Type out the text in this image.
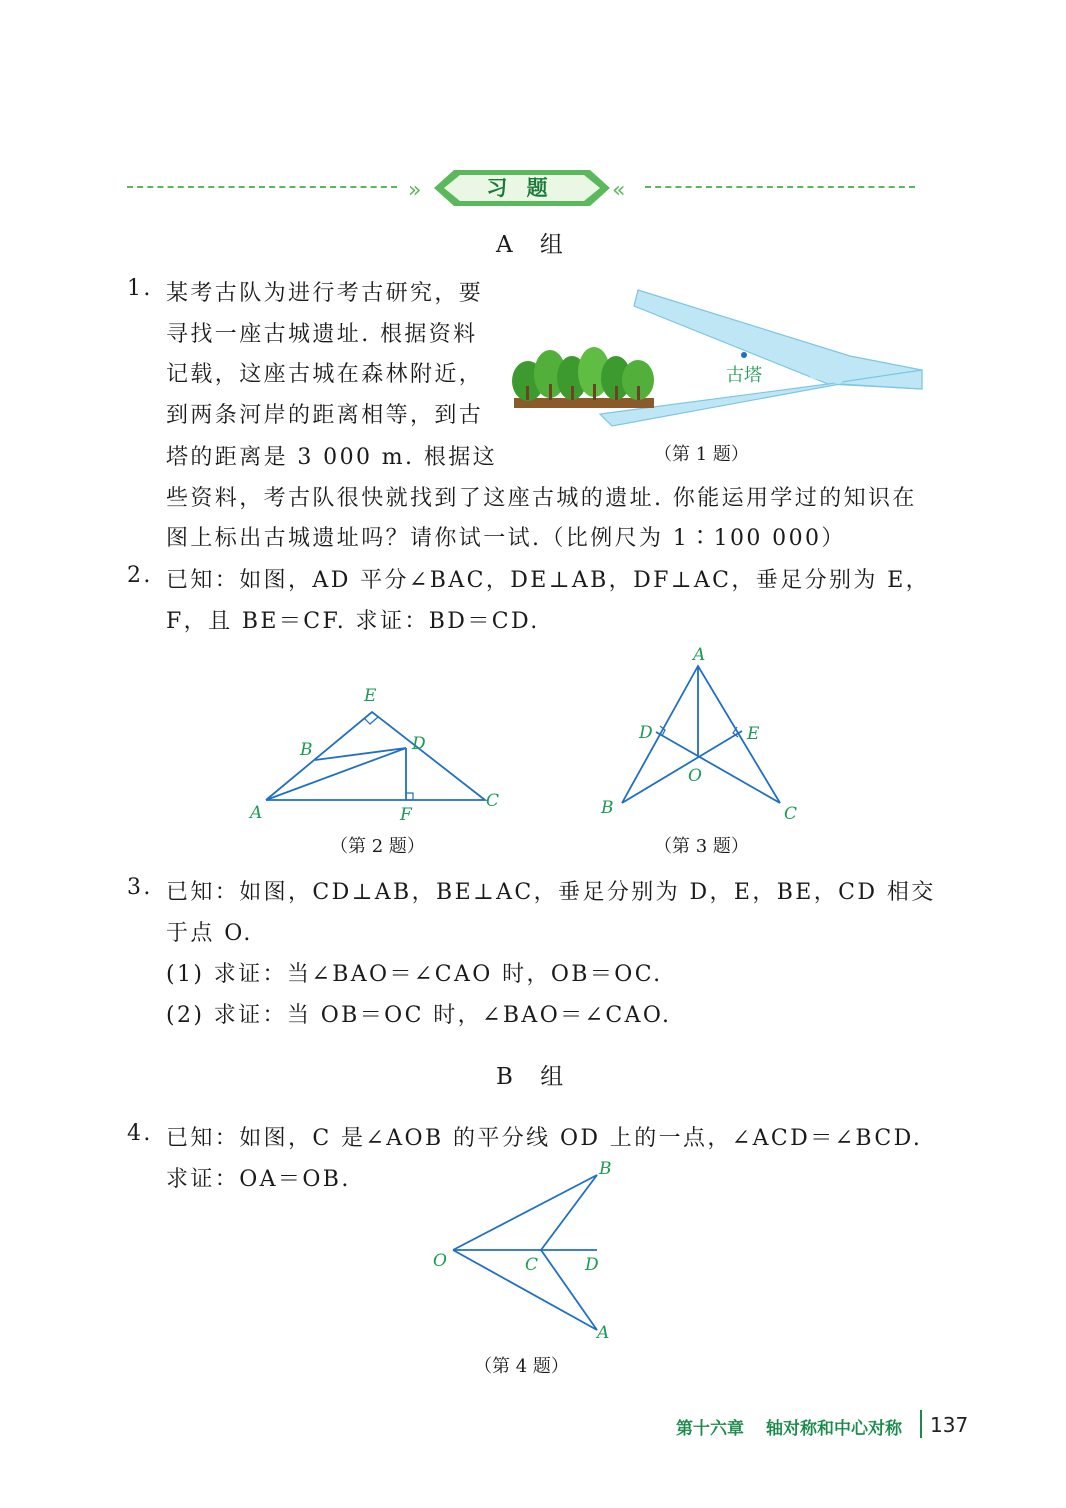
»	«
习 题
A 组
1. 某考古队为进行考古研究，要
寻找一座古城遗址. 根据资料
记载，这座古城在森林附近，
到两条河岸的距离相等，到古
塔的距离是 3 000 m. 根据这
些资料，考古队很快就找到了这座古城的遗址. 你能运用学过的知识在
图上标出古城遗址吗？请你试一试.（比例尺为 1∶100 000）
古塔
（第 1 题）
2. 已知：如图，AD 平分∠BAC，DE⊥AB，DF⊥AC，垂足分别为 E，
F，且 BE＝CF. 求证：BD＝CD.
E
B	D
A	F
C
（第 2 题）
A
D	E
O
B	C
（第 3 题）
3. 已知：如图，CD⊥AB，BE⊥AC，垂足分别为 D，E，BE，CD 相交
于点 O.
(1) 求证：当∠BAO＝∠CAO 时，OB＝OC.
(2) 求证：当 OB＝OC 时，∠BAO＝∠CAO.
B 组
4. 已知：如图，C 是∠AOB 的平分线 OD 上的一点，∠ACD＝∠BCD.
求证：OA＝OB.	B
O	C	D
A
（第 4 题）
第十六章 轴对称和中心对称 137
